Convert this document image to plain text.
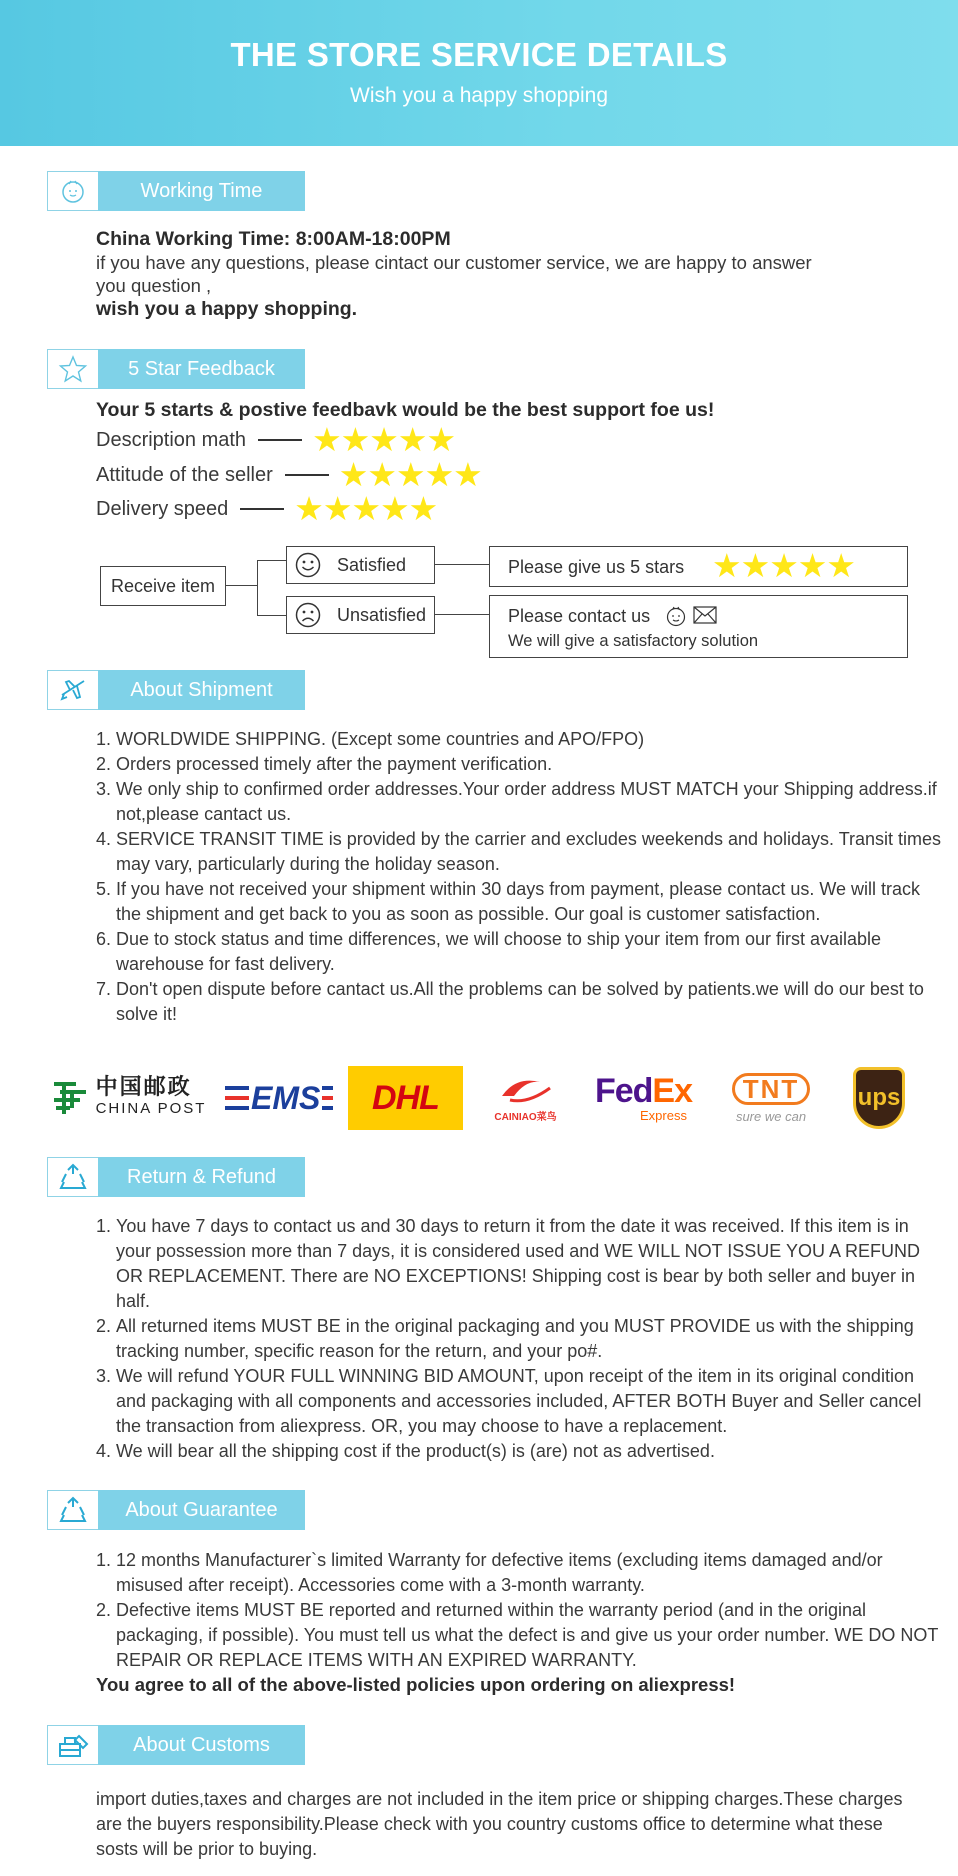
THE STORE SERVICE DETAILS
Wish you a happy shopping
Working Time
China Working Time: 8:00AM-18:00PM
if you have any questions, please cintact our customer service, we are happy to answer
you question ,
wish you a happy shopping.
5 Star Feedback
Your 5 starts & postive feedbavk would be the best support foe us!
Description math ★ ★ ★ ★ ★
Attitude of the seller ★ ★ ★ ★ ★
Delivery speed ★ ★ ★ ★ ★
Receive item
Satisfied
Unsatisfied
Please give us 5 stars ★ ★ ★ ★ ★
Please contact us
We will give a satisfactory solution
About Shipment
1. WORLDWIDE SHIPPING. (Except some countries and APO/FPO)
2. Orders processed timely after the payment verification.
3. We only ship to confirmed order addresses.Your order address MUST MATCH your Shipping address.if not,please cantact us.
4. SERVICE TRANSIT TIME is provided by the carrier and excludes weekends and holidays. Transit times may vary, particularly during the holiday season.
5. If you have not received your shipment within 30 days from payment, please contact us. We will track the shipment and get back to you as soon as possible. Our goal is customer satisfaction.
6. Due to stock status and time differences, we will choose to ship your item from our first available warehouse for fast delivery.
7. Don't open dispute before cantact us.All the problems can be solved by patients.we will do our best to solve it!
中国邮政
CHINA POST EMS DHL
CAINIAO菜鸟
FedEx
Express
TNT
sure we can
ups
Return & Refund
1. You have 7 days to contact us and 30 days to return it from the date it was received. If this item is in your possession more than 7 days, it is considered used and WE WILL NOT ISSUE YOU A REFUND OR REPLACEMENT. There are NO EXCEPTIONS! Shipping cost is bear by both seller and buyer in half.
2. All returned items MUST BE in the original packaging and you MUST PROVIDE us with the shipping tracking number, specific reason for the return, and your po#.
3. We will refund YOUR FULL WINNING BID AMOUNT, upon receipt of the item in its original condition and packaging with all components and accessories included, AFTER BOTH Buyer and Seller cancel the transaction from aliexpress. OR, you may choose to have a replacement.
4. We will bear all the shipping cost if the product(s) is (are) not as advertised.
About Guarantee
1. 12 months Manufacturer`s limited Warranty for defective items (excluding items damaged and/or misused after receipt). Accessories come with a 3-month warranty.
2. Defective items MUST BE reported and returned within the warranty period (and in the original packaging, if possible). You must tell us what the defect is and give us your order number. WE DO NOT REPAIR OR REPLACE ITEMS WITH AN EXPIRED WARRANTY.
You agree to all of the above-listed policies upon ordering on aliexpress!
About Customs
import duties,taxes and charges are not included in the item price or shipping charges.These charges are the buyers responsibility.Please check with you country customs office to determine what these sosts will be prior to buying.
